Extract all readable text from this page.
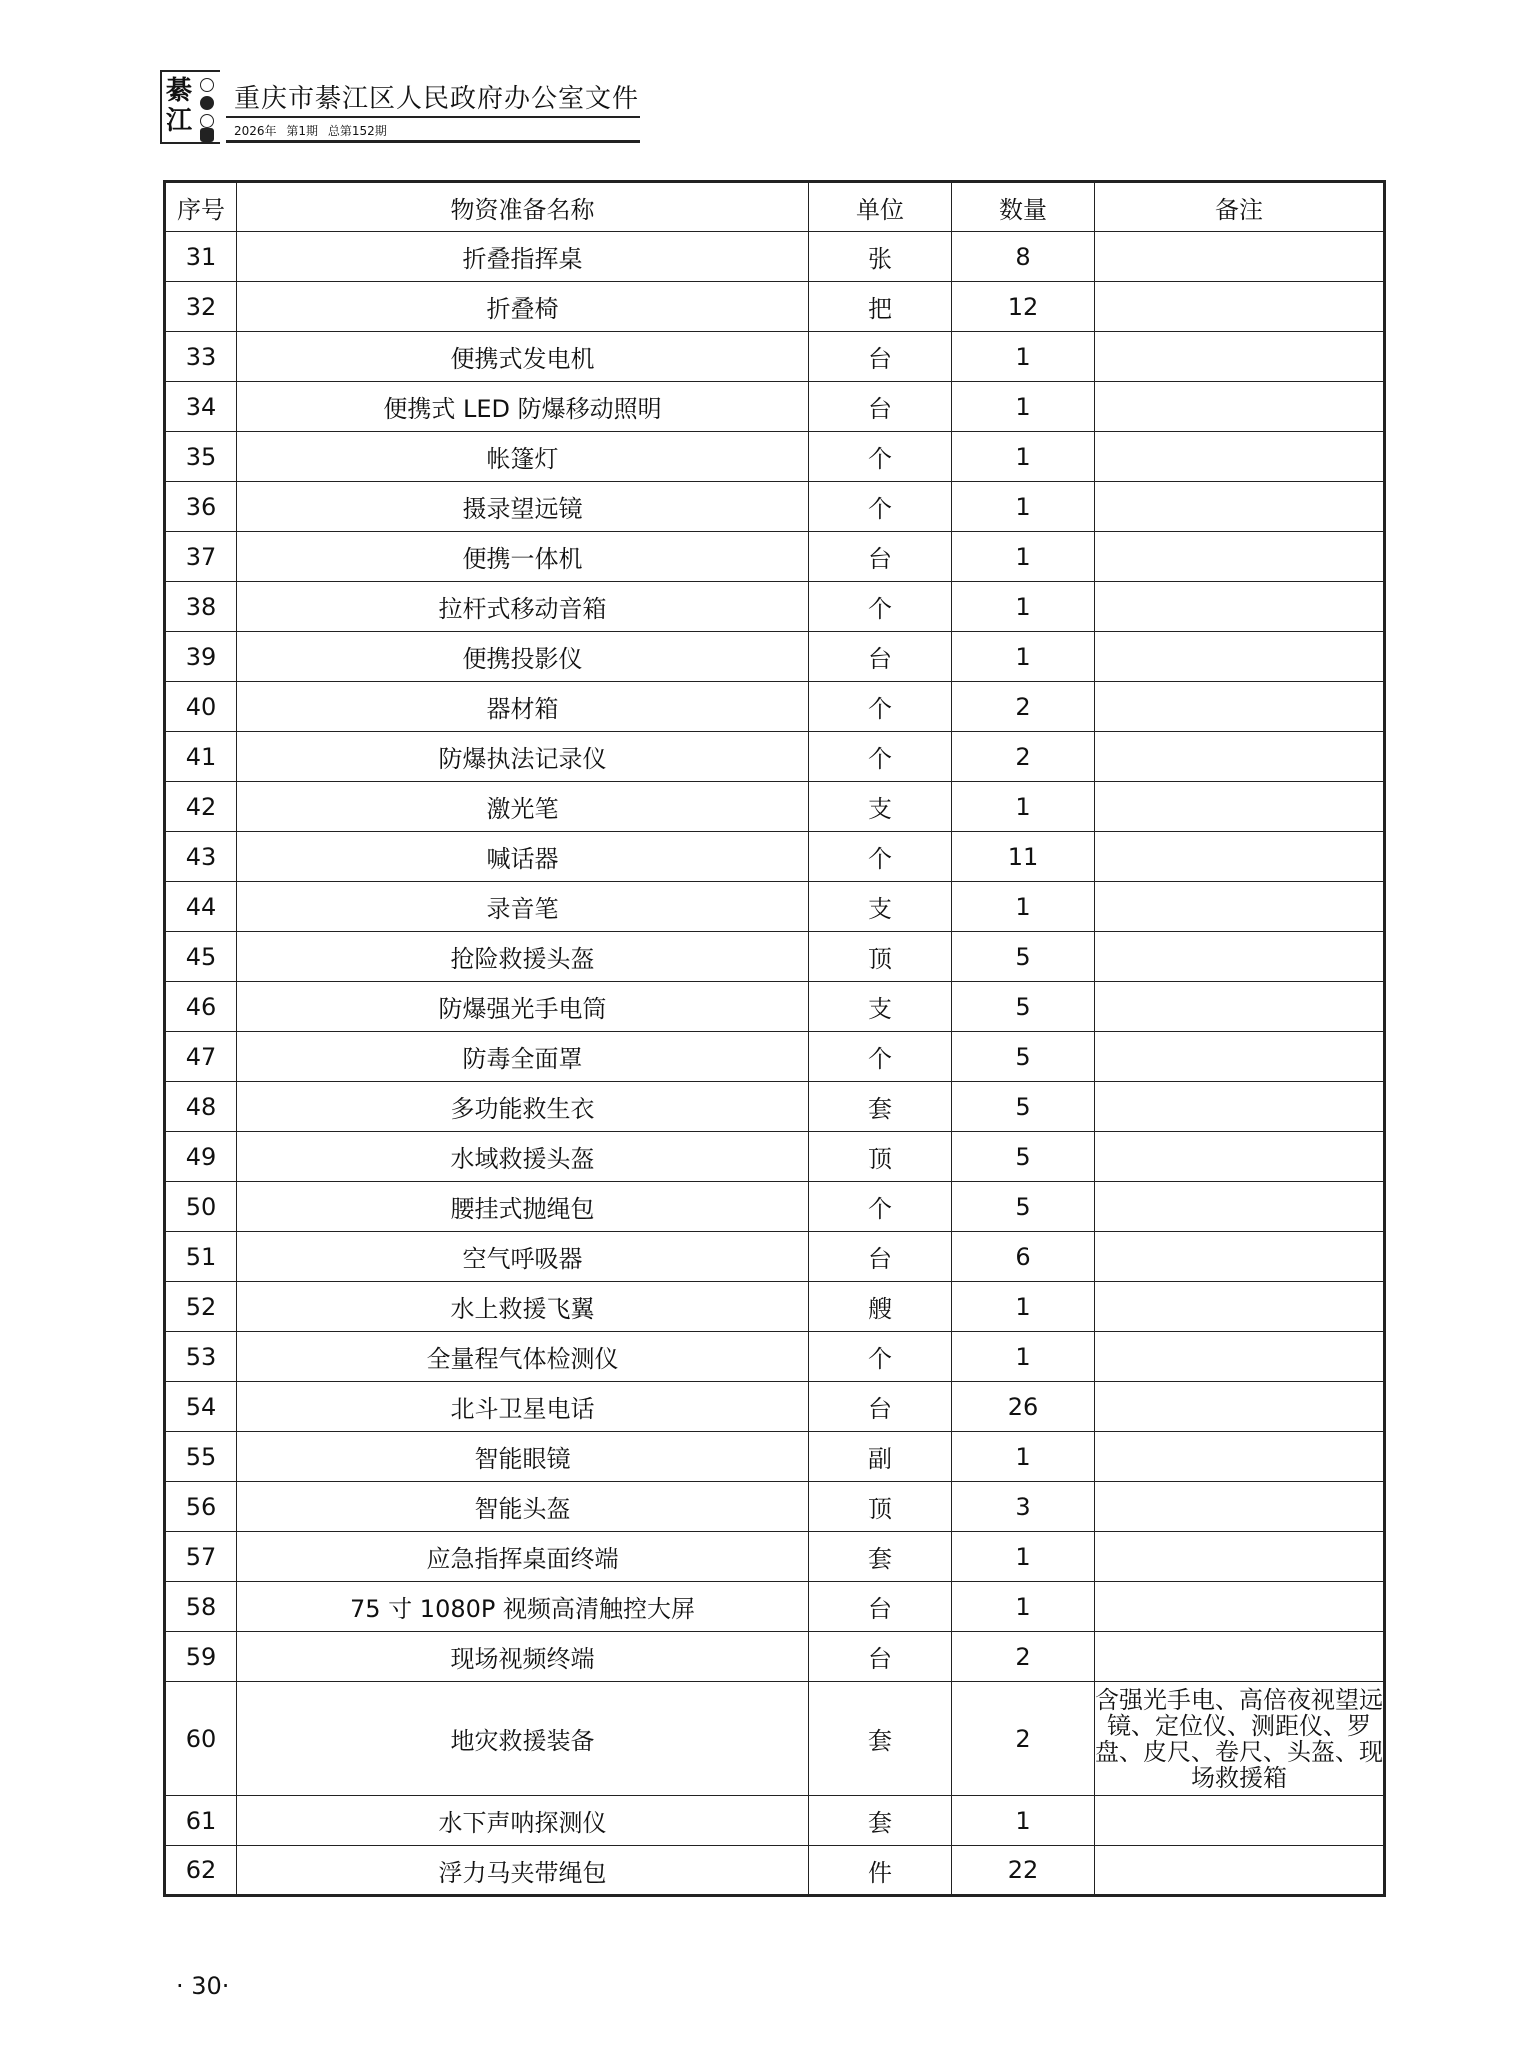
綦
江
重庆市綦江区人民政府办公室文件
2026年 第1期 总第152期
序号	物资准备名称	单位	数量	备注
31	折叠指挥桌	张	8	
32	折叠椅	把	12	
33	便携式发电机	台	1	
34	便携式 LED 防爆移动照明	台	1	
35	帐篷灯	个	1	
36	摄录望远镜	个	1	
37	便携一体机	台	1	
38	拉杆式移动音箱	个	1	
39	便携投影仪	台	1	
40	器材箱	个	2	
41	防爆执法记录仪	个	2	
42	激光笔	支	1	
43	喊话器	个	11	
44	录音笔	支	1	
45	抢险救援头盔	顶	5	
46	防爆强光手电筒	支	5	
47	防毒全面罩	个	5	
48	多功能救生衣	套	5	
49	水域救援头盔	顶	5	
50	腰挂式抛绳包	个	5	
51	空气呼吸器	台	6	
52	水上救援飞翼	艘	1	
53	全量程气体检测仪	个	1	
54	北斗卫星电话	台	26	
55	智能眼镜	副	1	
56	智能头盔	顶	3	
57	应急指挥桌面终端	套	1	
58	75 寸 1080P 视频高清触控大屏	台	1	
59	现场视频终端	台	2	
60	地灾救援装备	套	2	含强光手电、高倍夜视望远镜、定位仪、测距仪、罗盘、皮尺、卷尺、头盔、现场救援箱
61	水下声呐探测仪	套	1	
62	浮力马夹带绳包	件	22	
· 30·
